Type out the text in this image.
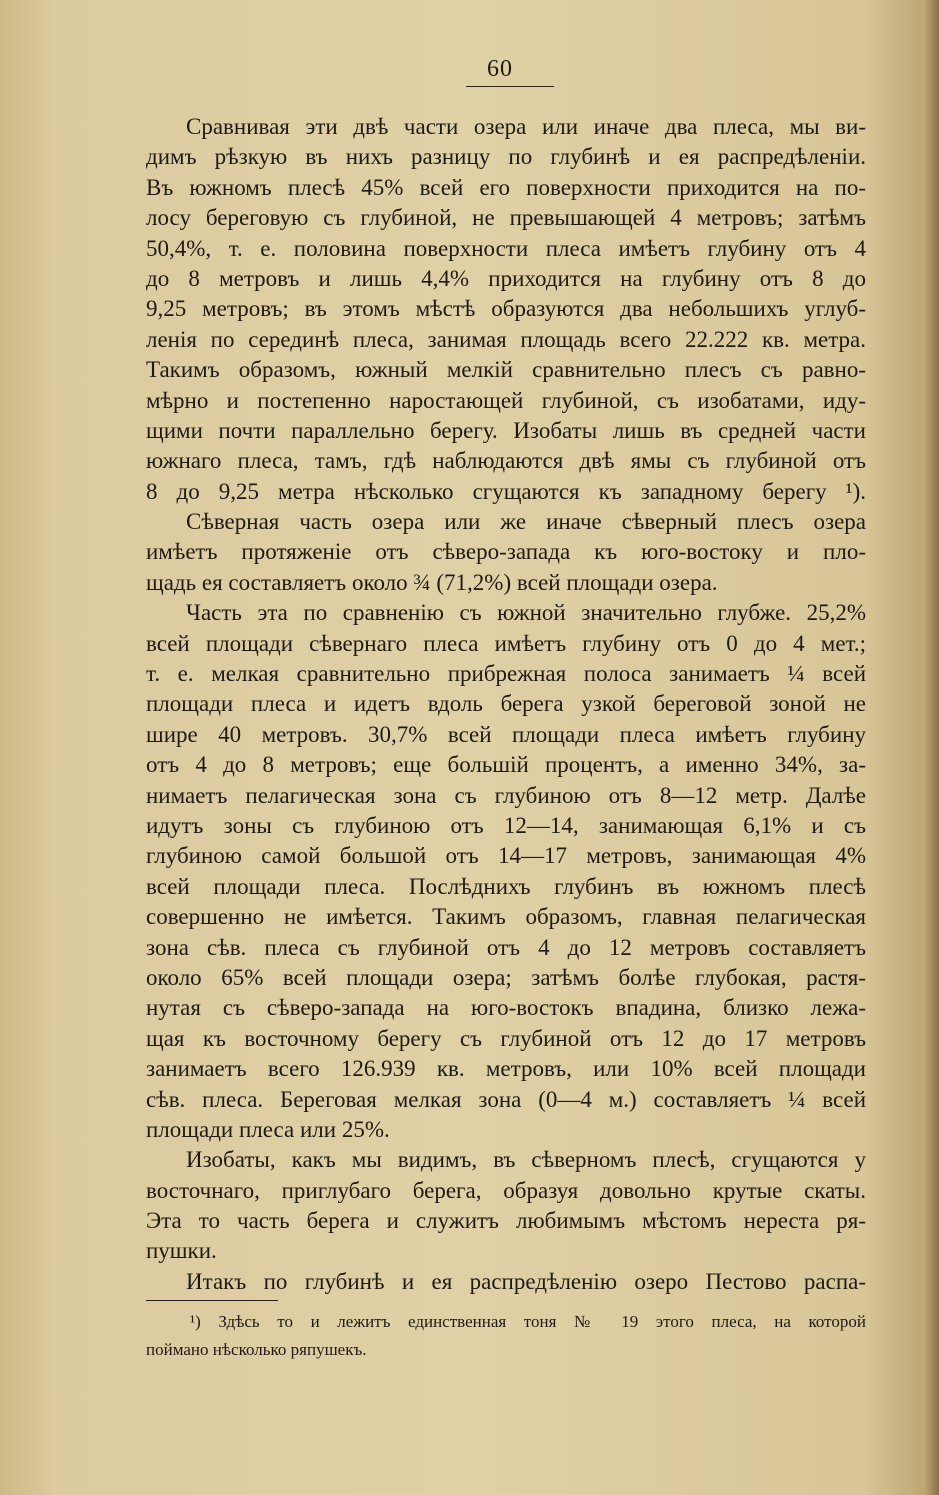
60
Сравнивая эти двѣ части озера или иначе два плеса, мы ви-
димъ рѣзкую въ нихъ разницу по глубинѣ и ея распредѣленіи.
Въ южномъ плесѣ 45% всей его поверхности приходится на по-
лосу береговую съ глубиной, не превышающей 4 метровъ; затѣмъ
50,4%, т. е. половина поверхности плеса имѣетъ глубину отъ 4
до 8 метровъ и лишь 4,4% приходится на глубину отъ 8 до
9,25 метровъ; въ этомъ мѣстѣ образуются два небольшихъ углуб-
ленія по серединѣ плеса, занимая площадь всего 22.222 кв. метра.
Такимъ образомъ, южный мелкій сравнительно плесъ съ равно-
мѣрно и постепенно наростающей глубиной, съ изобатами, иду-
щими почти параллельно берегу. Изобаты лишь въ средней части
южнаго плеса, тамъ, гдѣ наблюдаются двѣ ямы съ глубиной отъ
8 до 9,25 метра нѣсколько сгущаются къ западному берегу ¹).
Сѣверная часть озера или же иначе сѣверный плесъ озера
имѣетъ протяженіе отъ сѣверо-запада къ юго-востоку и пло-
щадь ея составляетъ около ¾ (71,2%) всей площади озера.
Часть эта по сравненію съ южной значительно глубже. 25,2%
всей площади сѣвернаго плеса имѣетъ глубину отъ 0 до 4 мет.;
т. е. мелкая сравнительно прибрежная полоса занимаетъ ¼ всей
площади плеса и идетъ вдоль берега узкой береговой зоной не
шире 40 метровъ. 30,7% всей площади плеса имѣетъ глубину
отъ 4 до 8 метровъ; еще большій процентъ, а именно 34%, за-
нимаетъ пелагическая зона съ глубиною отъ 8—12 метр. Далѣе
идутъ зоны съ глубиною отъ 12—14, занимающая 6,1% и съ
глубиною самой большой отъ 14—17 метровъ, занимающая 4%
всей площади плеса. Послѣднихъ глубинъ въ южномъ плесѣ
совершенно не имѣется. Такимъ образомъ, главная пелагическая
зона сѣв. плеса съ глубиной отъ 4 до 12 метровъ составляетъ
около 65% всей площади озера; затѣмъ болѣе глубокая, растя-
нутая съ сѣверо-запада на юго-востокъ впадина, близко лежа-
щая къ восточному берегу съ глубиной отъ 12 до 17 метровъ
занимаетъ всего 126.939 кв. метровъ, или 10% всей площади
сѣв. плеса. Береговая мелкая зона (0—4 м.) составляетъ ¼ всей
площади плеса или 25%.
Изобаты, какъ мы видимъ, въ сѣверномъ плесѣ, сгущаются у
восточнаго, приглубаго берега, образуя довольно крутые скаты.
Эта то часть берега и служитъ любимымъ мѣстомъ нереста ря-
пушки.
Итакъ по глубинѣ и ея распредѣленію озеро Пестово распа-
¹) Здѣсь то и лежитъ единственная тоня № 19 этого плеса, на которой
поймано нѣсколько ряпушекъ.
